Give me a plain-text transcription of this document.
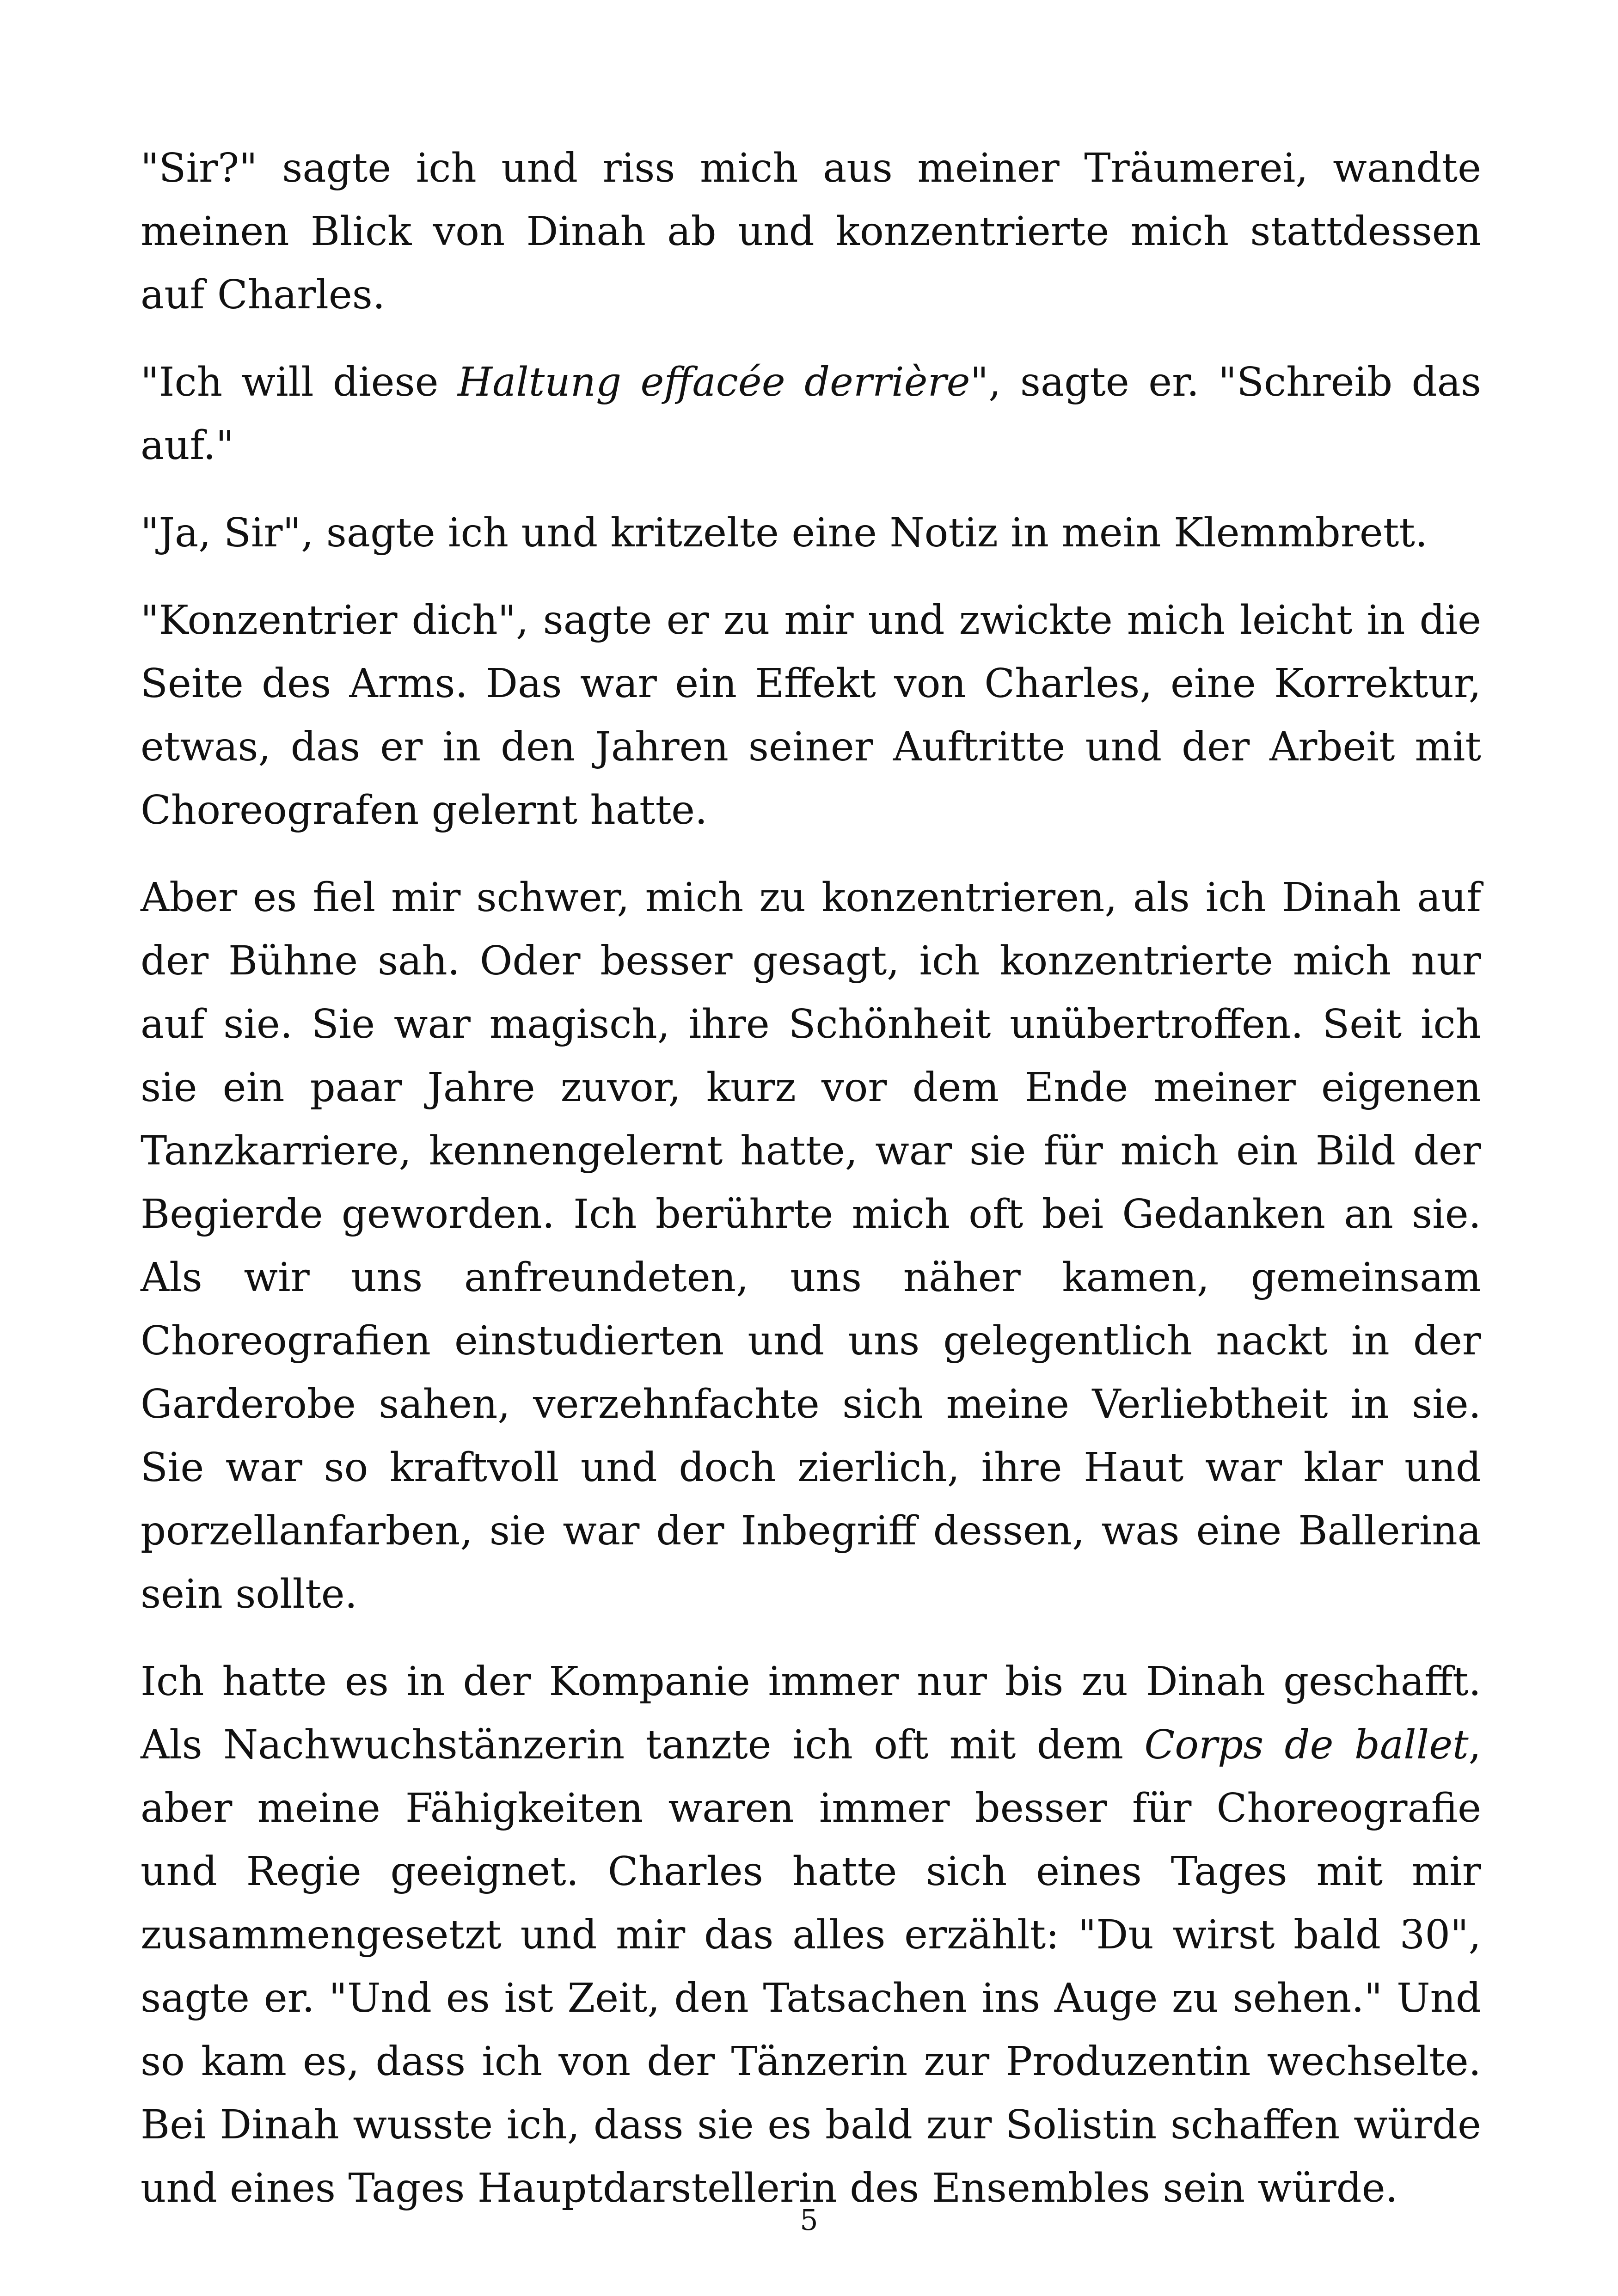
"Sir?" sagte ich und riss mich aus meiner Träumerei, wandte meinen Blick von Dinah ab und konzentrierte mich stattdessen auf Charles.

"Ich will diese Haltung effacée derrière", sagte er. "Schreib das auf."

"Ja, Sir", sagte ich und kritzelte eine Notiz in mein Klemmbrett.

"Konzentrier dich", sagte er zu mir und zwickte mich leicht in die Seite des Arms. Das war ein Effekt von Charles, eine Korrektur, etwas, das er in den Jahren seiner Auftritte und der Arbeit mit Choreografen gelernt hatte.

Aber es fiel mir schwer, mich zu konzentrieren, als ich Dinah auf der Bühne sah. Oder besser gesagt, ich konzentrierte mich nur auf sie. Sie war magisch, ihre Schönheit unübertroffen. Seit ich sie ein paar Jahre zuvor, kurz vor dem Ende meiner eigenen Tanzkarriere, kennengelernt hatte, war sie für mich ein Bild der Begierde geworden. Ich berührte mich oft bei Gedanken an sie. Als wir uns anfreundeten, uns näher kamen, gemeinsam Choreografien einstudierten und uns gelegentlich nackt in der Garderobe sahen, verzehnfachte sich meine Verliebtheit in sie. Sie war so kraftvoll und doch zierlich, ihre Haut war klar und porzellanfarben, sie war der Inbegriff dessen, was eine Ballerina sein sollte.

Ich hatte es in der Kompanie immer nur bis zu Dinah geschafft. Als Nachwuchstänzerin tanzte ich oft mit dem Corps de ballet, aber meine Fähigkeiten waren immer besser für Choreografie und Regie geeignet. Charles hatte sich eines Tages mit mir zusammengesetzt und mir das alles erzählt: "Du wirst bald 30", sagte er. "Und es ist Zeit, den Tatsachen ins Auge zu sehen." Und so kam es, dass ich von der Tänzerin zur Produzentin wechselte. Bei Dinah wusste ich, dass sie es bald zur Solistin schaffen würde und eines Tages Hauptdarstellerin des Ensembles sein würde.

5
